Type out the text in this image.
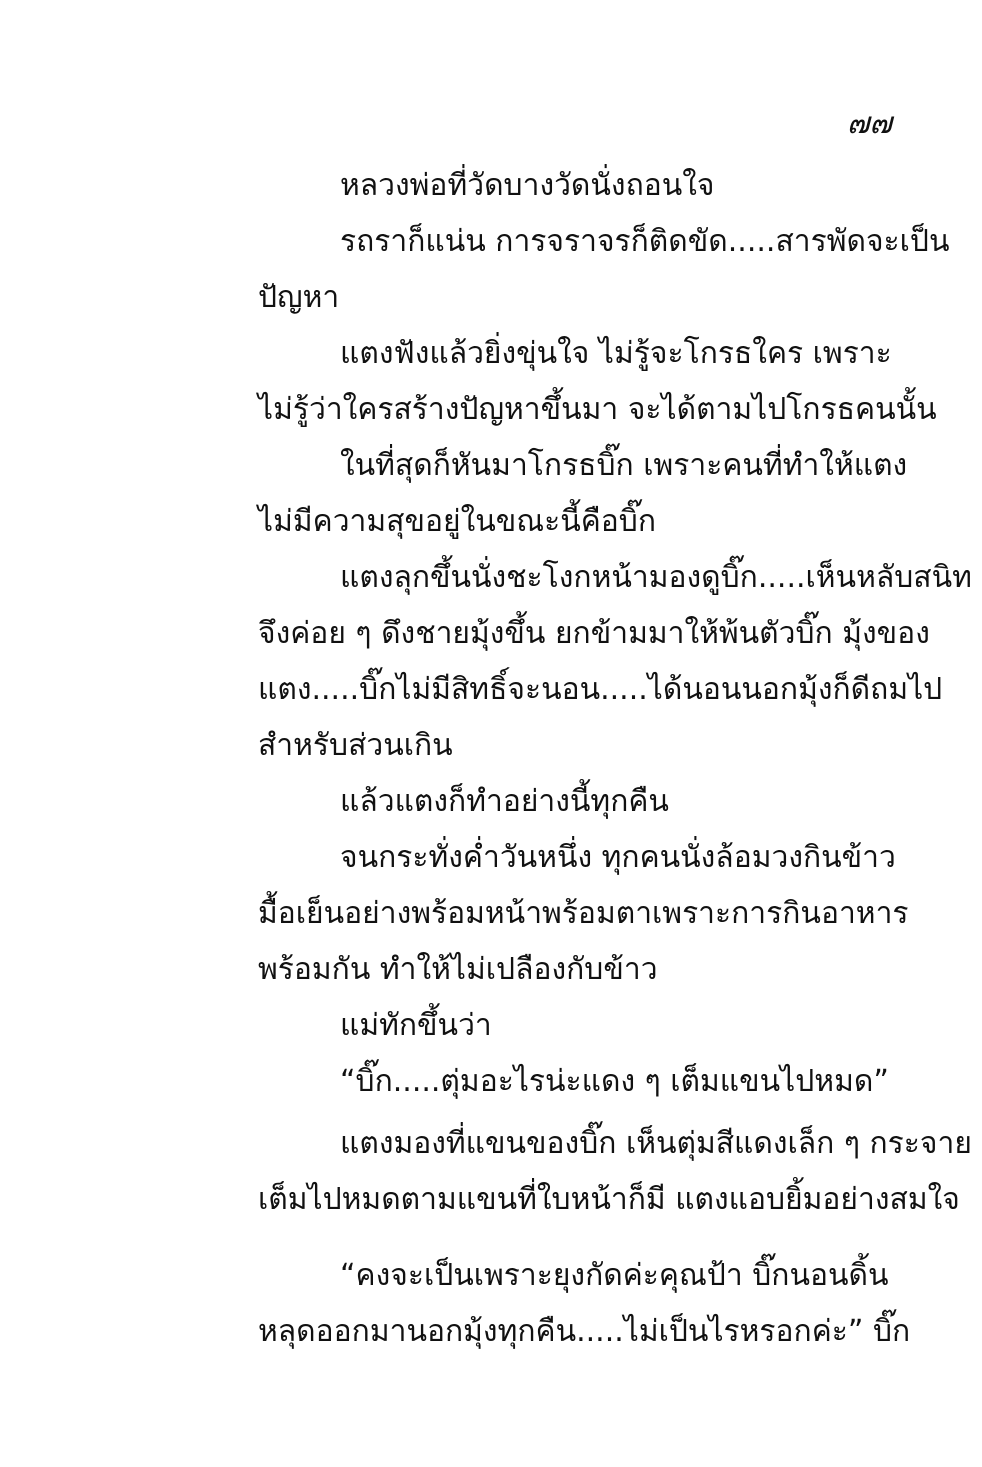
๗๗
หลวงพ่อที่วัดบางวัดนั่งถอนใจ
รถราก็แน่น การจราจรก็ติดขัด.....สารพัดจะเป็น
ปัญหา
แตงฟังแล้วยิ่งขุ่นใจ ไม่รู้จะโกรธใคร เพราะ
ไม่รู้ว่าใครสร้างปัญหาขึ้นมา จะได้ตามไปโกรธคนนั้น
ในที่สุดก็หันมาโกรธบิ๊ก เพราะคนที่ทำให้แตง
ไม่มีความสุขอยู่ในขณะนี้คือบิ๊ก
แตงลุกขึ้นนั่งชะโงกหน้ามองดูบิ๊ก.....เห็นหลับสนิท
จึงค่อย ๆ ดึงชายมุ้งขึ้น ยกข้ามมาให้พ้นตัวบิ๊ก มุ้งของ
แตง.....บิ๊กไม่มีสิทธิ์จะนอน.....ได้นอนนอกมุ้งก็ดีถมไป
สำหรับส่วนเกิน
แล้วแตงก็ทำอย่างนี้ทุกคืน
จนกระทั่งค่ำวันหนึ่ง ทุกคนนั่งล้อมวงกินข้าว
มื้อเย็นอย่างพร้อมหน้าพร้อมตาเพราะการกินอาหาร
พร้อมกัน ทำให้ไม่เปลืองกับข้าว
แม่ทักขึ้นว่า
“บิ๊ก.....ตุ่มอะไรน่ะแดง ๆ เต็มแขนไปหมด”
แตงมองที่แขนของบิ๊ก เห็นตุ่มสีแดงเล็ก ๆ กระจาย
เต็มไปหมดตามแขนที่ใบหน้าก็มี แตงแอบยิ้มอย่างสมใจ
“คงจะเป็นเพราะยุงกัดค่ะคุณป้า บิ๊กนอนดิ้น
หลุดออกมานอกมุ้งทุกคืน.....ไม่เป็นไรหรอกค่ะ” บิ๊ก
